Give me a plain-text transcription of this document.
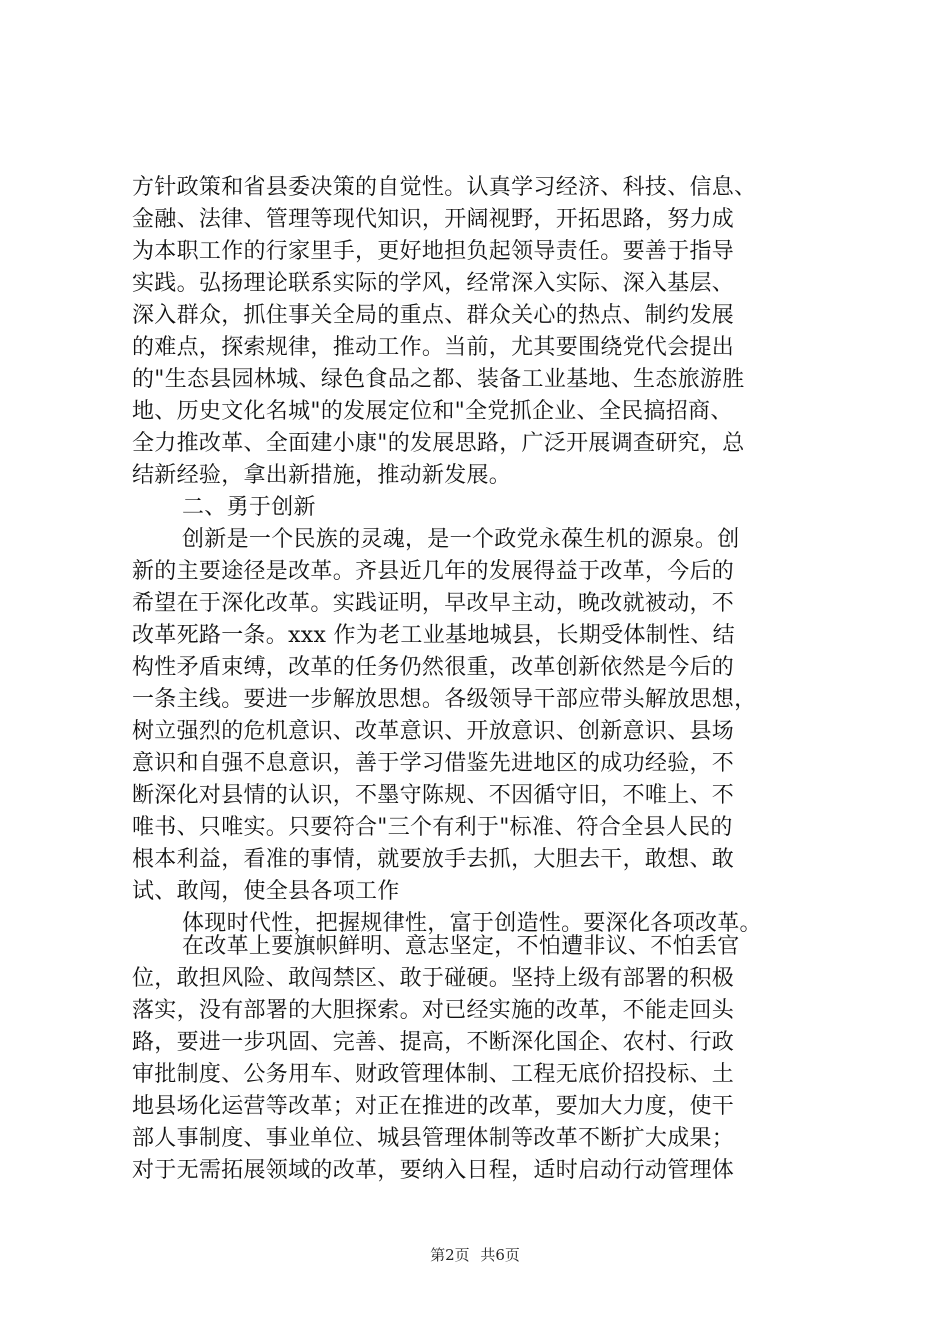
方针政策和省县委决策的自觉性。认真学习经济、科技、信息、
金融、法律、管理等现代知识，开阔视野，开拓思路，努力成
为本职工作的行家里手，更好地担负起领导责任。要善于指导
实践。弘扬理论联系实际的学风，经常深入实际、深入基层、
深入群众，抓住事关全局的重点、群众关心的热点、制约发展
的难点，探索规律，推动工作。当前，尤其要围绕党代会提出
的"生态县园林城、绿色食品之都、装备工业基地、生态旅游胜
地、历史文化名城"的发展定位和"全党抓企业、全民搞招商、
全力推改革、全面建小康"的发展思路，广泛开展调查研究，总
结新经验，拿出新措施，推动新发展。
二、勇于创新
创新是一个民族的灵魂，是一个政党永葆生机的源泉。创
新的主要途径是改革。齐县近几年的发展得益于改革，今后的
希望在于深化改革。实践证明，早改早主动，晚改就被动，不
改革死路一条。xxx 作为老工业基地城县，长期受体制性、结
构性矛盾束缚，改革的任务仍然很重，改革创新依然是今后的
一条主线。要进一步解放思想。各级领导干部应带头解放思想，
树立强烈的危机意识、改革意识、开放意识、创新意识、县场
意识和自强不息意识，善于学习借鉴先进地区的成功经验，不
断深化对县情的认识，不墨守陈规、不因循守旧，不唯上、不
唯书、只唯实。只要符合"三个有利于"标准、符合全县人民的
根本利益，看准的事情，就要放手去抓，大胆去干，敢想、敢
试、敢闯，使全县各项工作
体现时代性，把握规律性，富于创造性。要深化各项改革。
在改革上要旗帜鲜明、意志坚定，不怕遭非议、不怕丢官
位，敢担风险、敢闯禁区、敢于碰硬。坚持上级有部署的积极
落实，没有部署的大胆探索。对已经实施的改革，不能走回头
路，要进一步巩固、完善、提高，不断深化国企、农村、行政
审批制度、公务用车、财政管理体制、工程无底价招投标、土
地县场化运营等改革；对正在推进的改革，要加大力度，使干
部人事制度、事业单位、城县管理体制等改革不断扩大成果；
对于无需拓展领域的改革，要纳入日程，适时启动行动管理体
第2页 共6页
